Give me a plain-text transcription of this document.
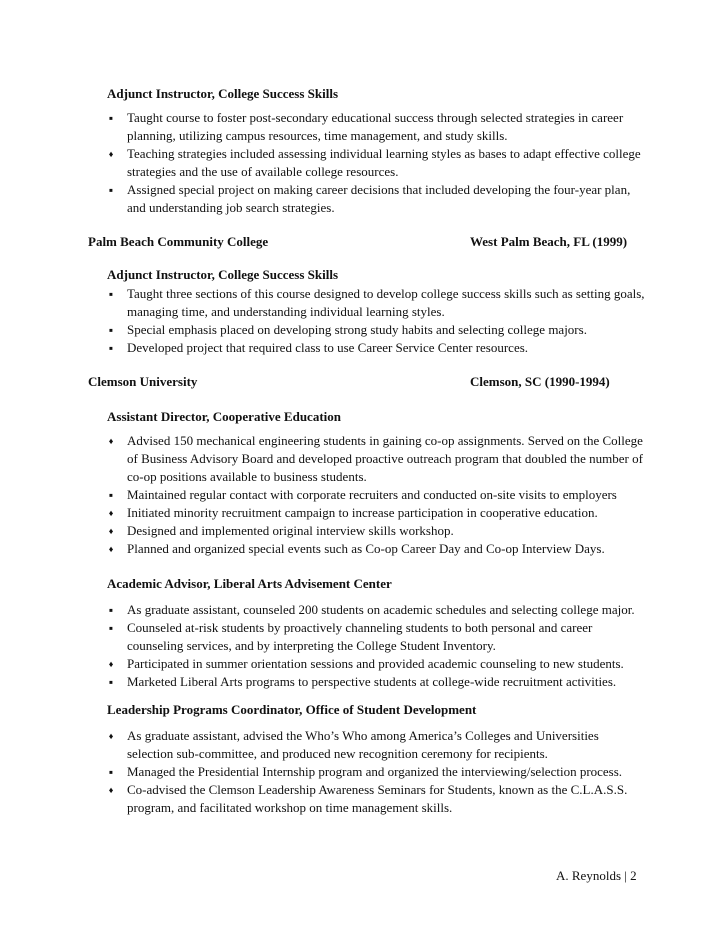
Adjunct Instructor, College Success Skills
▪
Taught course to foster post-secondary educational success through selected strategies in career planning, utilizing campus resources, time management, and study skills.
♦
Teaching strategies included assessing individual learning styles as bases to adapt effective college strategies and the use of available college resources.
▪
Assigned special project on making career decisions that included developing the four-year plan, and understanding job search strategies.
Palm Beach Community College	West Palm Beach, FL (1999)
Adjunct Instructor, College Success Skills
▪
Taught three sections of this course designed to develop college success skills such as setting goals, managing time, and understanding individual learning styles.
▪
Special emphasis placed on developing strong study habits and selecting college majors.
▪
Developed project that required class to use Career Service Center resources.
Clemson University	Clemson, SC (1990-1994)
Assistant Director, Cooperative Education
♦
Advised 150 mechanical engineering students in gaining co-op assignments. Served on the College of Business Advisory Board and developed proactive outreach program that doubled the number of co-op positions available to business students.
▪
Maintained regular contact with corporate recruiters and conducted on-site visits to employers
♦
Initiated minority recruitment campaign to increase participation in cooperative education.
♦
Designed and implemented original interview skills workshop.
♦
Planned and organized special events such as Co-op Career Day and Co-op Interview Days.
Academic Advisor, Liberal Arts Advisement Center
▪
As graduate assistant, counseled 200 students on academic schedules and selecting college major.
▪
Counseled at-risk students by proactively channeling students to both personal and career counseling services, and by interpreting the College Student Inventory.
♦
Participated in summer orientation sessions and provided academic counseling to new students.
▪
Marketed Liberal Arts programs to perspective students at college-wide recruitment activities.
Leadership Programs Coordinator, Office of Student Development
♦
As graduate assistant, advised the Who’s Who among America’s Colleges and Universities selection sub-committee, and produced new recognition ceremony for recipients.
▪
Managed the Presidential Internship program and organized the interviewing/selection process.
♦
Co-advised the Clemson Leadership Awareness Seminars for Students, known as the C.L.A.S.S. program, and facilitated workshop on time management skills.
A. Reynolds | 2
